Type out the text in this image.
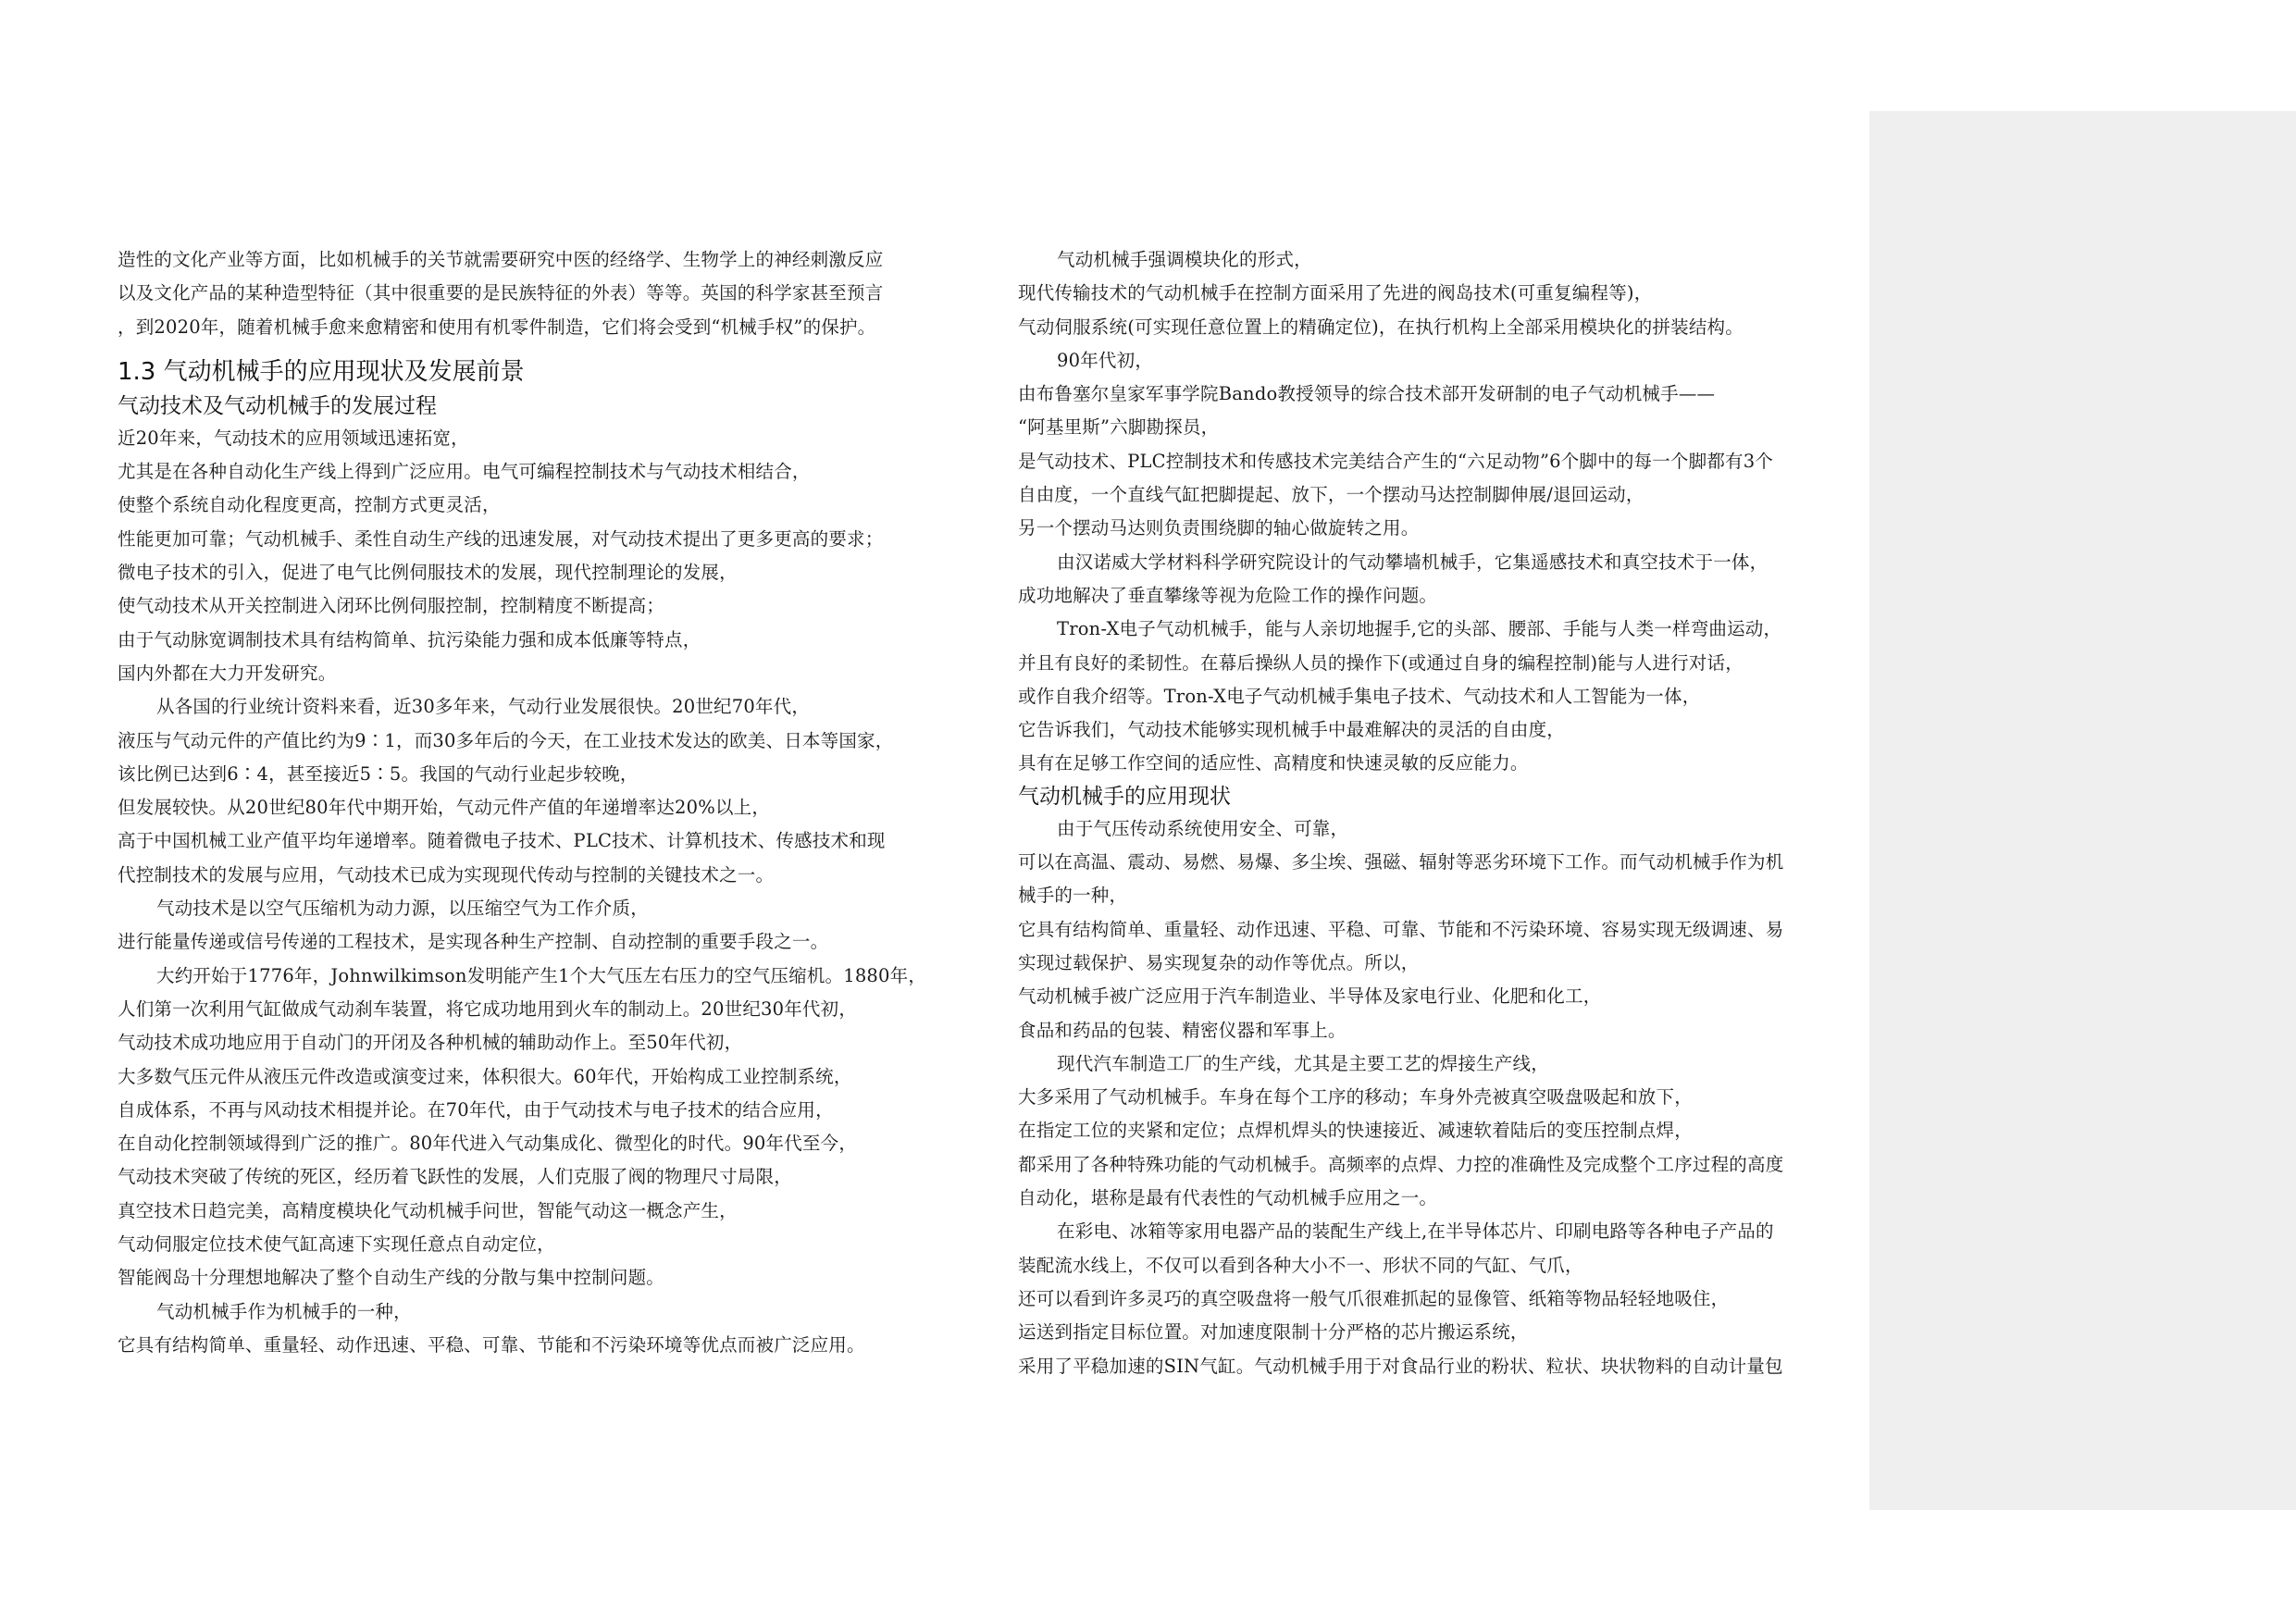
造性的文化产业等方面，比如机械手的关节就需要研究中医的经络学、生物学上的神经刺激反应
以及文化产品的某种造型特征（其中很重要的是民族特征的外表）等等。英国的科学家甚至预言
，到2020年，随着机械手愈来愈精密和使用有机零件制造，它们将会受到“机械手权”的保护。
1.3 气动机械手的应用现状及发展前景
气动技术及气动机械手的发展过程
近20年来，气动技术的应用领域迅速拓宽，
尤其是在各种自动化生产线上得到广泛应用。电气可编程控制技术与气动技术相结合，
使整个系统自动化程度更高，控制方式更灵活，
性能更加可靠；气动机械手、柔性自动生产线的迅速发展，对气动技术提出了更多更高的要求；
微电子技术的引入，促进了电气比例伺服技术的发展，现代控制理论的发展，
使气动技术从开关控制进入闭环比例伺服控制，控制精度不断提高；
由于气动脉宽调制技术具有结构简单、抗污染能力强和成本低廉等特点，
国内外都在大力开发研究。
从各国的行业统计资料来看，近30多年来，气动行业发展很快。20世纪70年代，
液压与气动元件的产值比约为9∶1，而30多年后的今天，在工业技术发达的欧美、日本等国家，
该比例已达到6∶4，甚至接近5∶5。我国的气动行业起步较晚，
但发展较快。从20世纪80年代中期开始，气动元件产值的年递增率达20%以上，
高于中国机械工业产值平均年递增率。随着微电子技术、PLC技术、计算机技术、传感技术和现
代控制技术的发展与应用，气动技术已成为实现现代传动与控制的关键技术之一。
气动技术是以空气压缩机为动力源，以压缩空气为工作介质，
进行能量传递或信号传递的工程技术，是实现各种生产控制、自动控制的重要手段之一。
大约开始于1776年，Johnwilkimson发明能产生1个大气压左右压力的空气压缩机。1880年，
人们第一次利用气缸做成气动刹车装置，将它成功地用到火车的制动上。20世纪30年代初，
气动技术成功地应用于自动门的开闭及各种机械的辅助动作上。至50年代初，
大多数气压元件从液压元件改造或演变过来，体积很大。60年代，开始构成工业控制系统，
自成体系，不再与风动技术相提并论。在70年代，由于气动技术与电子技术的结合应用，
在自动化控制领域得到广泛的推广。80年代进入气动集成化、微型化的时代。90年代至今，
气动技术突破了传统的死区，经历着飞跃性的发展，人们克服了阀的物理尺寸局限，
真空技术日趋完美，高精度模块化气动机械手问世，智能气动这一概念产生，
气动伺服定位技术使气缸高速下实现任意点自动定位，
智能阀岛十分理想地解决了整个自动生产线的分散与集中控制问题。
气动机械手作为机械手的一种，
它具有结构简单、重量轻、动作迅速、平稳、可靠、节能和不污染环境等优点而被广泛应用。
气动机械手强调模块化的形式，
现代传输技术的气动机械手在控制方面采用了先进的阀岛技术(可重复编程等)，
气动伺服系统(可实现任意位置上的精确定位)，在执行机构上全部采用模块化的拼装结构。
90年代初，
由布鲁塞尔皇家军事学院Bando教授领导的综合技术部开发研制的电子气动机械手——
“阿基里斯”六脚勘探员，
是气动技术、PLC控制技术和传感技术完美结合产生的“六足动物”6个脚中的每一个脚都有3个
自由度，一个直线气缸把脚提起、放下，一个摆动马达控制脚伸展/退回运动，
另一个摆动马达则负责围绕脚的轴心做旋转之用。
由汉诺威大学材料科学研究院设计的气动攀墙机械手，它集遥感技术和真空技术于一体，
成功地解决了垂直攀缘等视为危险工作的操作问题。
Tron-X电子气动机械手，能与人亲切地握手,它的头部、腰部、手能与人类一样弯曲运动，
并且有良好的柔韧性。在幕后操纵人员的操作下(或通过自身的编程控制)能与人进行对话，
或作自我介绍等。Tron-X电子气动机械手集电子技术、气动技术和人工智能为一体，
它告诉我们，气动技术能够实现机械手中最难解决的灵活的自由度，
具有在足够工作空间的适应性、高精度和快速灵敏的反应能力。
气动机械手的应用现状
由于气压传动系统使用安全、可靠，
可以在高温、震动、易燃、易爆、多尘埃、强磁、辐射等恶劣环境下工作。而气动机械手作为机
械手的一种，
它具有结构简单、重量轻、动作迅速、平稳、可靠、节能和不污染环境、容易实现无级调速、易
实现过载保护、易实现复杂的动作等优点。所以，
气动机械手被广泛应用于汽车制造业、半导体及家电行业、化肥和化工，
食品和药品的包装、精密仪器和军事上。
现代汽车制造工厂的生产线，尤其是主要工艺的焊接生产线，
大多采用了气动机械手。车身在每个工序的移动；车身外壳被真空吸盘吸起和放下，
在指定工位的夹紧和定位；点焊机焊头的快速接近、减速软着陆后的变压控制点焊，
都采用了各种特殊功能的气动机械手。高频率的点焊、力控的准确性及完成整个工序过程的高度
自动化，堪称是最有代表性的气动机械手应用之一。
在彩电、冰箱等家用电器产品的装配生产线上,在半导体芯片、印刷电路等各种电子产品的
装配流水线上，不仅可以看到各种大小不一、形状不同的气缸、气爪，
还可以看到许多灵巧的真空吸盘将一般气爪很难抓起的显像管、纸箱等物品轻轻地吸住，
运送到指定目标位置。对加速度限制十分严格的芯片搬运系统，
采用了平稳加速的SIN气缸。气动机械手用于对食品行业的粉状、粒状、块状物料的自动计量包
